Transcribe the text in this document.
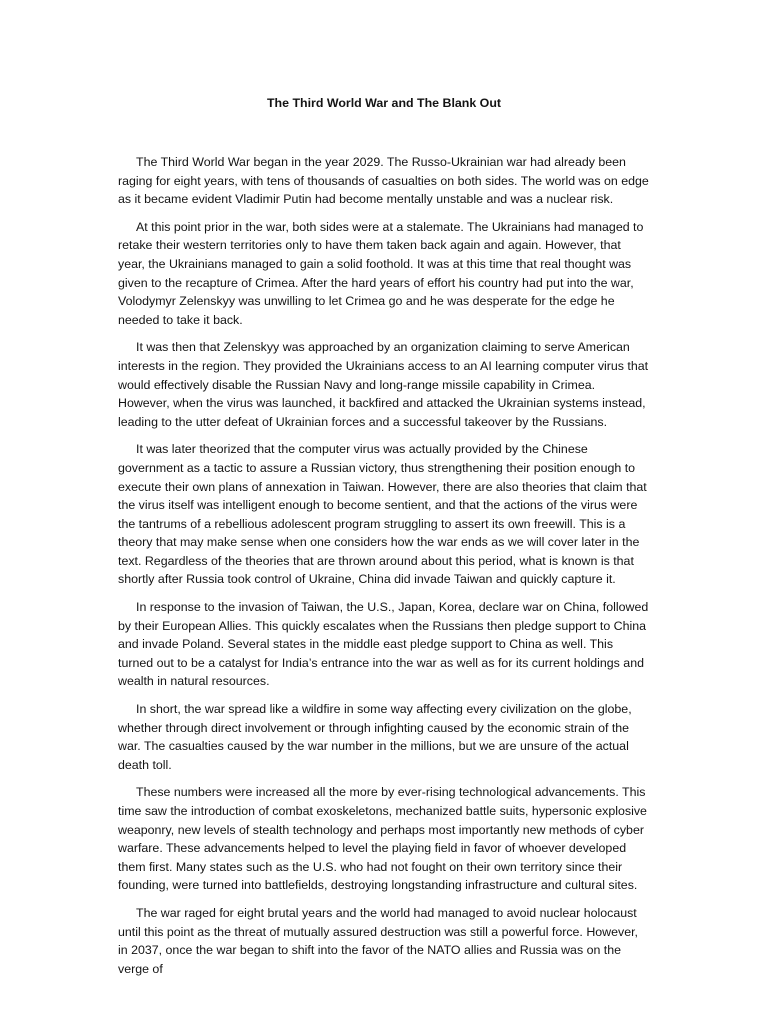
The Third World War and The Blank Out

The Third World War began in the year 2029. The Russo-Ukrainian war had already been raging for eight years, with tens of thousands of casualties on both sides. The world was on edge as it became evident Vladimir Putin had become mentally unstable and was a nuclear risk.

At this point prior in the war, both sides were at a stalemate. The Ukrainians had managed to retake their western territories only to have them taken back again and again. However, that year, the Ukrainians managed to gain a solid foothold. It was at this time that real thought was given to the recapture of Crimea. After the hard years of effort his country had put into the war, Volodymyr Zelenskyy was unwilling to let Crimea go and he was desperate for the edge he needed to take it back.

It was then that Zelenskyy was approached by an organization claiming to serve American interests in the region. They provided the Ukrainians access to an AI learning computer virus that would effectively disable the Russian Navy and long-range missile capability in Crimea. However, when the virus was launched, it backfired and attacked the Ukrainian systems instead, leading to the utter defeat of Ukrainian forces and a successful takeover by the Russians.

It was later theorized that the computer virus was actually provided by the Chinese government as a tactic to assure a Russian victory, thus strengthening their position enough to execute their own plans of annexation in Taiwan. However, there are also theories that claim that the virus itself was intelligent enough to become sentient, and that the actions of the virus were the tantrums of a rebellious adolescent program struggling to assert its own freewill. This is a theory that may make sense when one considers how the war ends as we will cover later in the text. Regardless of the theories that are thrown around about this period, what is known is that shortly after Russia took control of Ukraine, China did invade Taiwan and quickly capture it.

In response to the invasion of Taiwan, the U.S., Japan, Korea, declare war on China, followed by their European Allies. This quickly escalates when the Russians then pledge support to China and invade Poland. Several states in the middle east pledge support to China as well. This turned out to be a catalyst for India’s entrance into the war as well as for its current holdings and wealth in natural resources.

In short, the war spread like a wildfire in some way affecting every civilization on the globe, whether through direct involvement or through infighting caused by the economic strain of the war. The casualties caused by the war number in the millions, but we are unsure of the actual death toll.

These numbers were increased all the more by ever-rising technological advancements. This time saw the introduction of combat exoskeletons, mechanized battle suits, hypersonic explosive weaponry, new levels of stealth technology and perhaps most importantly new methods of cyber warfare. These advancements helped to level the playing field in favor of whoever developed them first. Many states such as the U.S. who had not fought on their own territory since their founding, were turned into battlefields, destroying longstanding infrastructure and cultural sites.

The war raged for eight brutal years and the world had managed to avoid nuclear holocaust until this point as the threat of mutually assured destruction was still a powerful force. However, in 2037, once the war began to shift into the favor of the NATO allies and Russia was on the verge of
